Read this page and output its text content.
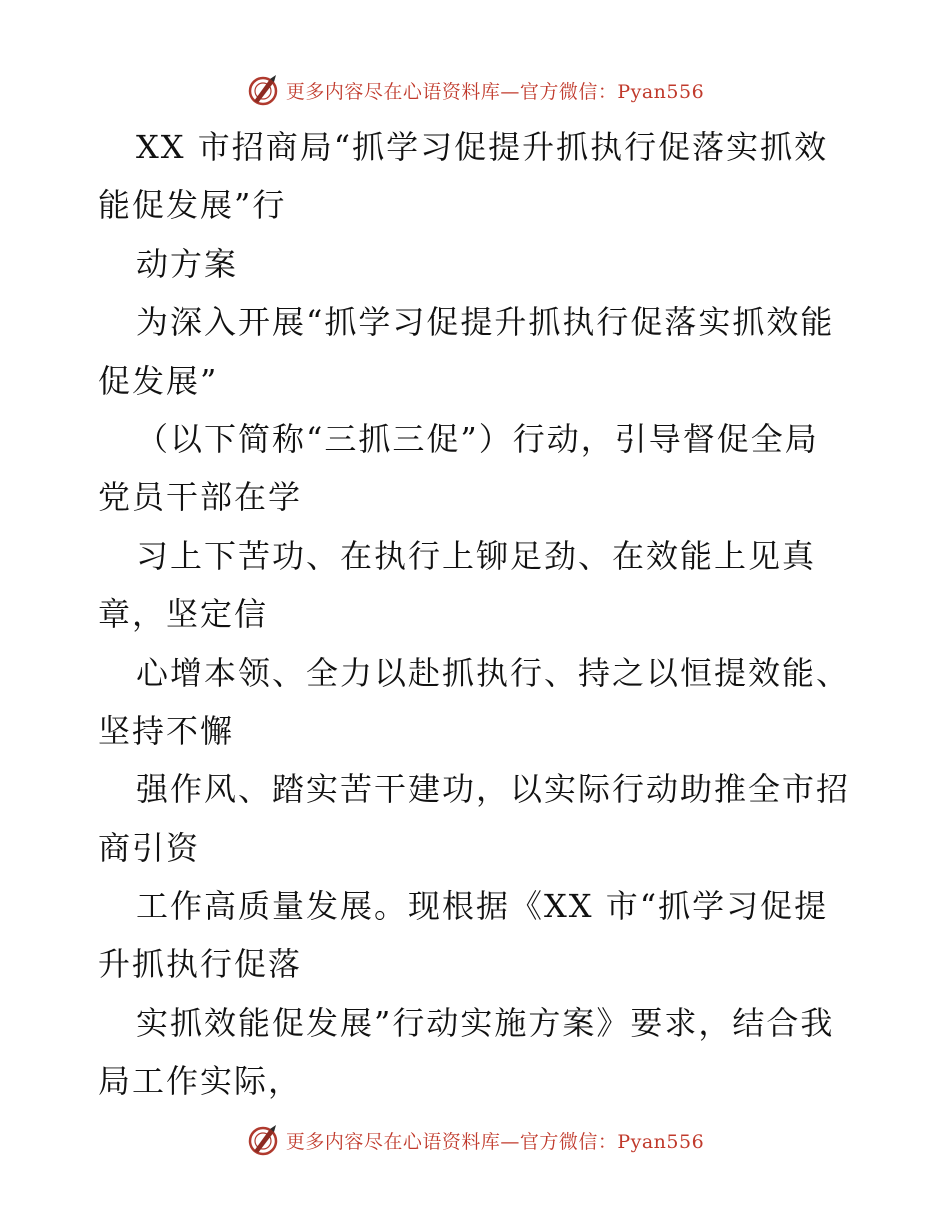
更多内容尽在心语资料库—官方微信：Pyan556
XX 市招商局“抓学习促提升抓执行促落实抓效
能促发展”行
动方案
为深入开展“抓学习促提升抓执行促落实抓效能
促发展”
（以下简称“三抓三促”）行动，引导督促全局
党员干部在学
习上下苦功、在执行上铆足劲、在效能上见真
章，坚定信
心增本领、全力以赴抓执行、持之以恒提效能、
坚持不懈
强作风、踏实苦干建功，以实际行动助推全市招
商引资
工作高质量发展。现根据《XX 市“抓学习促提
升抓执行促落
实抓效能促发展”行动实施方案》要求，结合我
局工作实际，
更多内容尽在心语资料库—官方微信：Pyan556
